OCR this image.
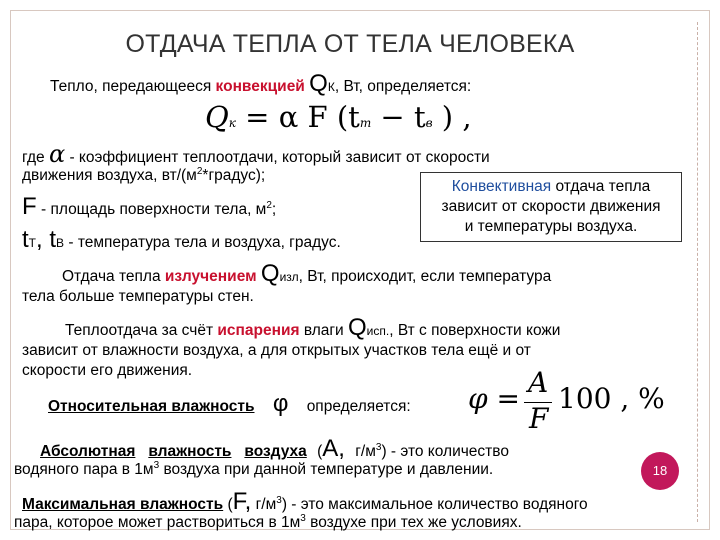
ОТДАЧА ТЕПЛА ОТ ТЕЛА ЧЕЛОВЕКА
Тепло, передающееся конвекцией QК, Вт, определяется:
Qк = α F (tт − tв ) ,
где α - коэффициент теплоотдачи, который зависит от скорости
движения воздуха, $вт/(м^2*градус)$;
F - площадь поверхности тела, $м^2$;
tТ, tВ - температура тела и воздуха, градус.
Конвективная отдача тепла
зависит от скорости движения
и температуры воздуха.
Отдача тепла излучением Qизл, Вт, происходит, если температура
тела больше температуры стен.
Теплоотдача за счёт испарения влаги Qисп., Вт с поверхности кожи
зависит от влажности воздуха, а для открытых участков тела ещё и от
скорости его движения.
Относительная влажность φ определяется: φ = A
F
100 , %
Абсолютная влажность воздуха (А, $г/м^3$) - это количество
водяного пара в $1м^3$ воздуха при данной температуре и давлении.	18
Максимальная влажность (F, $г/м^3$) - это максимальное количество водяного
пара, которое может раствориться в $1м^3$ воздухе при тех же условиях.
